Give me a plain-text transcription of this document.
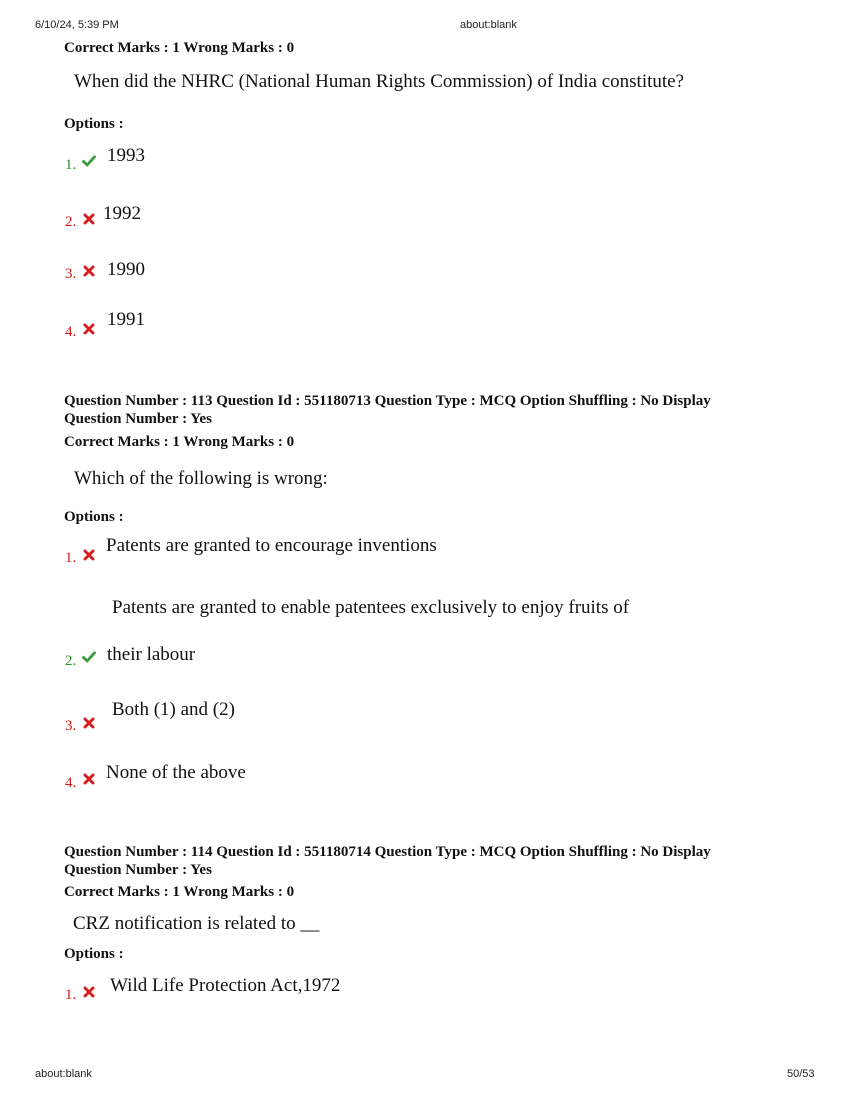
6/10/24, 5:39 PM	about:blank
Correct Marks : 1 Wrong Marks : 0
When did the NHRC (National Human Rights Commission) of India constitute?
Options :
1. 1993
2. 1992
3. 1990
4.
1991
Question Number : 113 Question Id : 551180713 Question Type : MCQ Option Shuffling : No Display
Question Number : Yes
Correct Marks : 1 Wrong Marks : 0
Which of the following is wrong:
Options :
1.
Patents are granted to encourage inventions
Patents are granted to enable patentees exclusively to enjoy fruits of
2. their labour
3.
Both (1) and (2)
4. None of the above
Question Number : 114 Question Id : 551180714 Question Type : MCQ Option Shuffling : No Display
Question Number : Yes
Correct Marks : 1 Wrong Marks : 0
CRZ notification is related to __
Options :
1. Wild Life Protection Act,1972
about:blank	50/53
